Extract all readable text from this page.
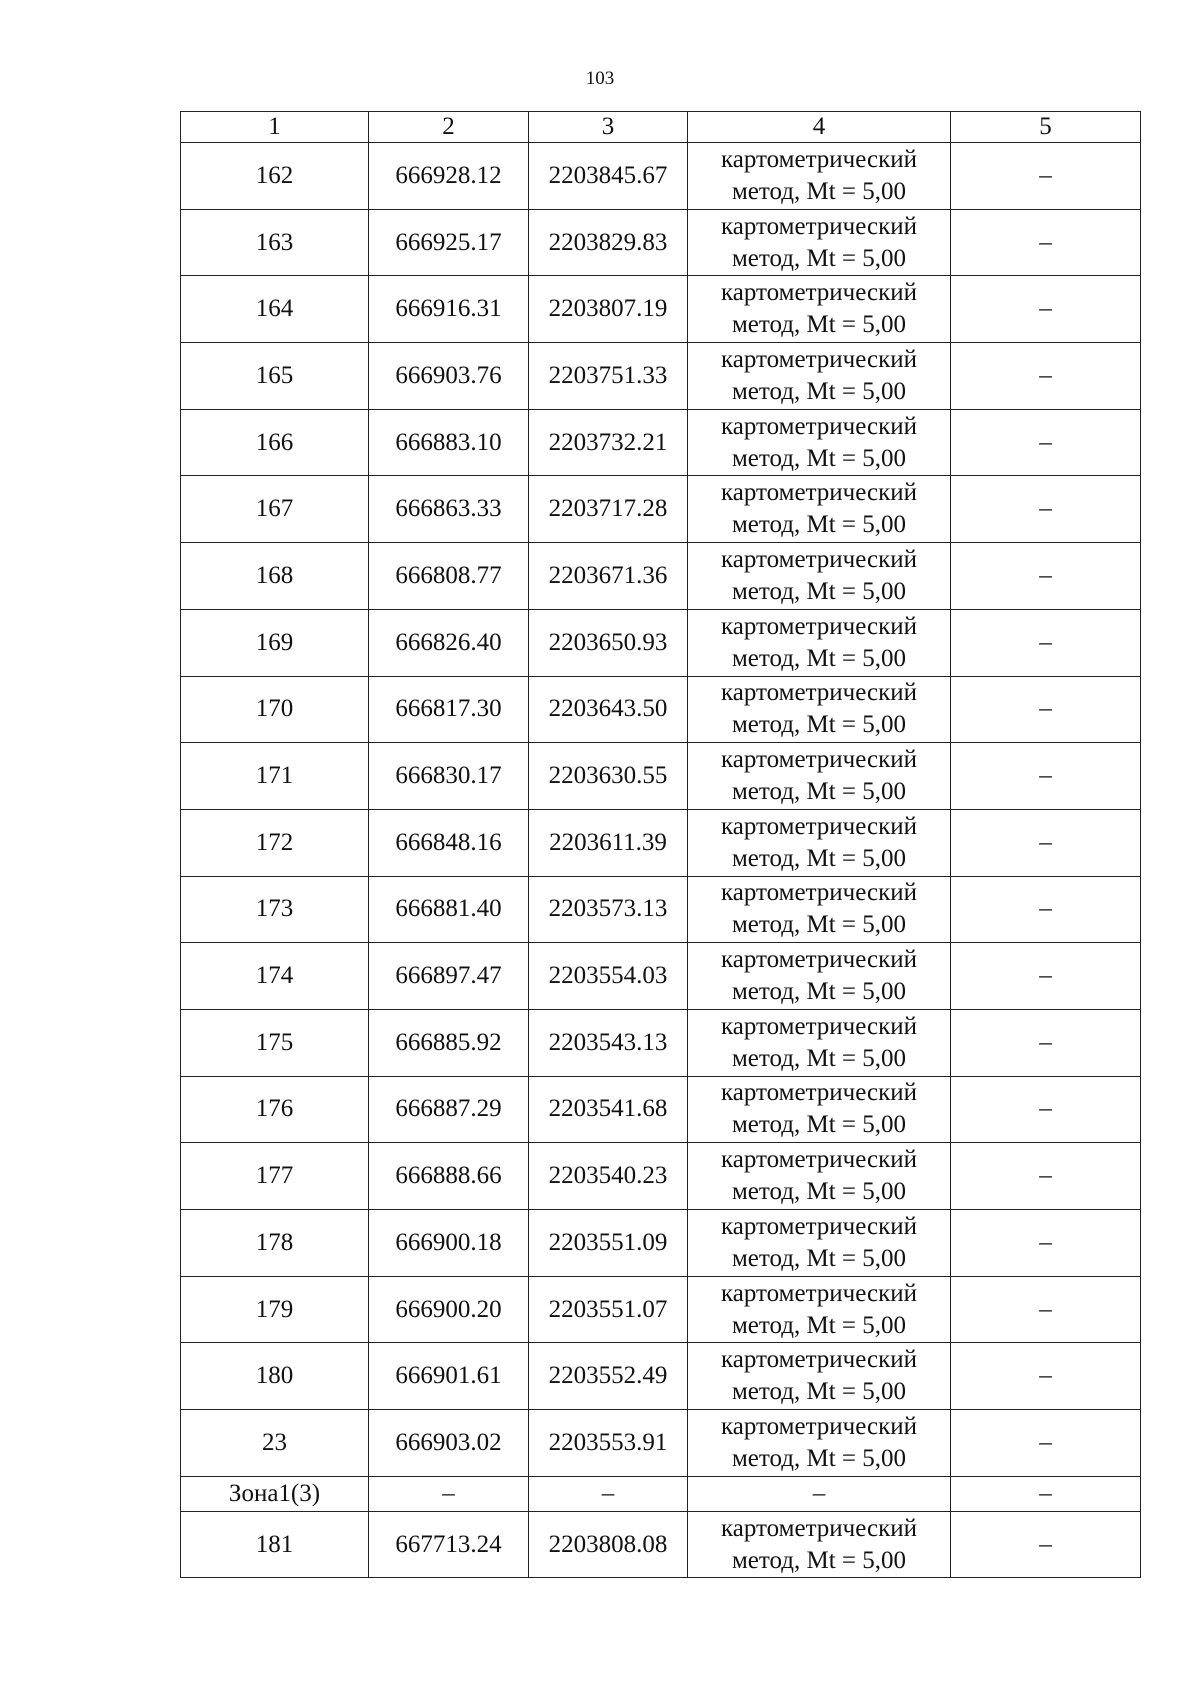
103
1	2	3	4	5
162	666928.12	2203845.67	картометрический
метод, Mt = 5,00	–
163	666925.17	2203829.83	картометрический
метод, Mt = 5,00	–
164	666916.31	2203807.19	картометрический
метод, Mt = 5,00	–
165	666903.76	2203751.33	картометрический
метод, Mt = 5,00	–
166	666883.10	2203732.21	картометрический
метод, Mt = 5,00	–
167	666863.33	2203717.28	картометрический
метод, Mt = 5,00	–
168	666808.77	2203671.36	картометрический
метод, Mt = 5,00	–
169	666826.40	2203650.93	картометрический
метод, Mt = 5,00	–
170	666817.30	2203643.50	картометрический
метод, Mt = 5,00	–
171	666830.17	2203630.55	картометрический
метод, Mt = 5,00	–
172	666848.16	2203611.39	картометрический
метод, Mt = 5,00	–
173	666881.40	2203573.13	картометрический
метод, Mt = 5,00	–
174	666897.47	2203554.03	картометрический
метод, Mt = 5,00	–
175	666885.92	2203543.13	картометрический
метод, Mt = 5,00	–
176	666887.29	2203541.68	картометрический
метод, Mt = 5,00	–
177	666888.66	2203540.23	картометрический
метод, Mt = 5,00	–
178	666900.18	2203551.09	картометрический
метод, Mt = 5,00	–
179	666900.20	2203551.07	картометрический
метод, Mt = 5,00	–
180	666901.61	2203552.49	картометрический
метод, Mt = 5,00	–
23	666903.02	2203553.91	картометрический
метод, Mt = 5,00	–
Зона1(3)	–	–	–	–
181	667713.24	2203808.08	картометрический
метод, Mt = 5,00	–
